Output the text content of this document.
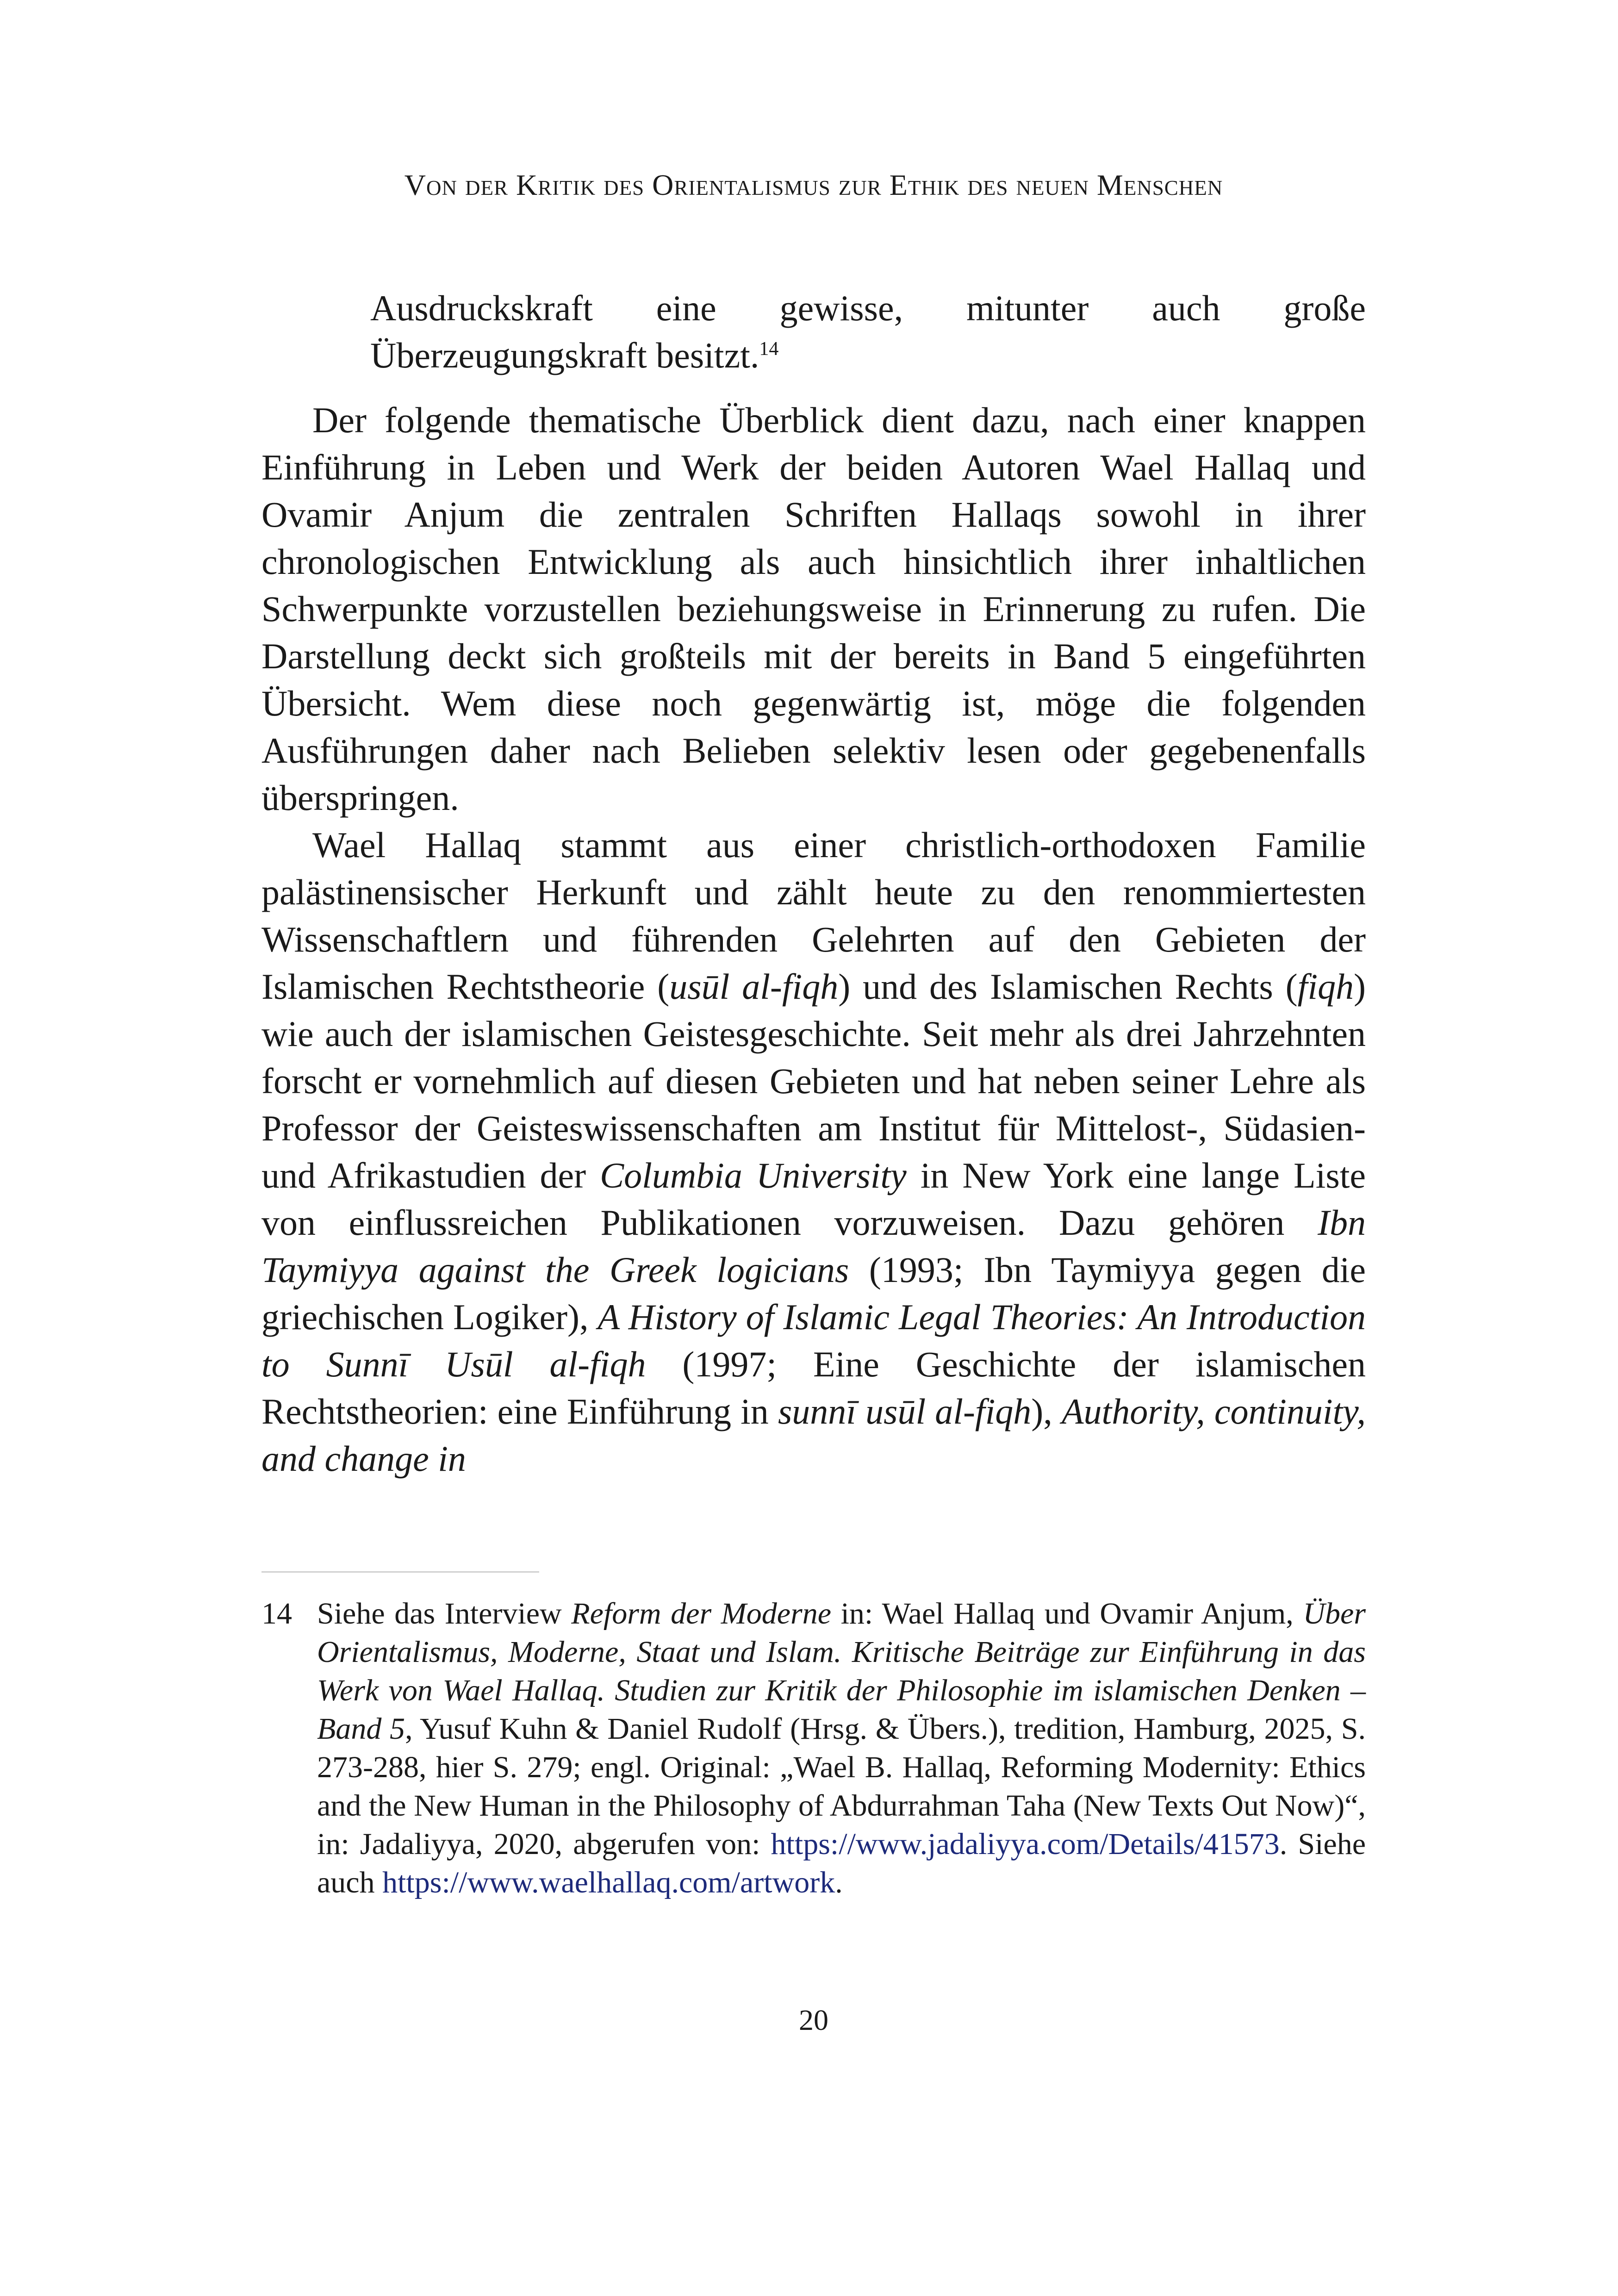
Von der Kritik des Orientalismus zur Ethik des neuen Menschen

Ausdruckskraft eine gewisse, mitunter auch große Überzeugungskraft besitzt.$^{14}$

Der folgende thematische Überblick dient dazu, nach einer knappen Einführung in Leben und Werk der beiden Autoren Wael Hallaq und Ovamir Anjum die zentralen Schriften Hallaqs sowohl in ihrer chronologischen Entwicklung als auch hinsichtlich ihrer inhaltlichen Schwerpunkte vorzustellen beziehungsweise in Erinnerung zu rufen. Die Darstellung deckt sich großteils mit der bereits in Band 5 eingeführten Übersicht. Wem diese noch gegenwärtig ist, möge die folgenden Ausführungen daher nach Belieben selektiv lesen oder gegebenenfalls überspringen.

Wael Hallaq stammt aus einer christlich-orthodoxen Familie palästinensischer Herkunft und zählt heute zu den renommiertesten Wissenschaftlern und führenden Gelehrten auf den Gebieten der Islamischen Rechtstheorie (usūl al-fiqh) und des Islamischen Rechts (fiqh) wie auch der islamischen Geistesgeschichte. Seit mehr als drei Jahrzehnten forscht er vornehmlich auf diesen Gebieten und hat neben seiner Lehre als Professor der Geisteswissenschaften am Institut für Mittelost-, Südasien- und Afrikastudien der Columbia University in New York eine lange Liste von einflussreichen Publikationen vorzuweisen. Dazu gehören Ibn Taymiyya against the Greek logicians (1993; Ibn Taymiyya gegen die griechischen Logiker), A History of Islamic Legal Theories: An Introduction to Sunnī Usūl al-fiqh (1997; Eine Geschichte der islamischen Rechtstheorien: eine Einführung in sunnī usūl al-fiqh), Authority, continuity, and change in

14 Siehe das Interview Reform der Moderne in: Wael Hallaq und Ovamir Anjum, Über Orientalismus, Moderne, Staat und Islam. Kritische Beiträge zur Einführung in das Werk von Wael Hallaq. Studien zur Kritik der Philosophie im islamischen Denken – Band 5, Yusuf Kuhn & Daniel Rudolf (Hrsg. & Übers.), tredition, Hamburg, 2025, S. 273-288, hier S. 279; engl. Original: „Wael B. Hallaq, Reforming Modernity: Ethics and the New Human in the Philosophy of Abdurrahman Taha (New Texts Out Now)“, in: Jadaliyya, 2020, abgerufen von: https://www.jadaliyya.com/Details/41573. Siehe auch https://www.waelhallaq.com/artwork.
20
